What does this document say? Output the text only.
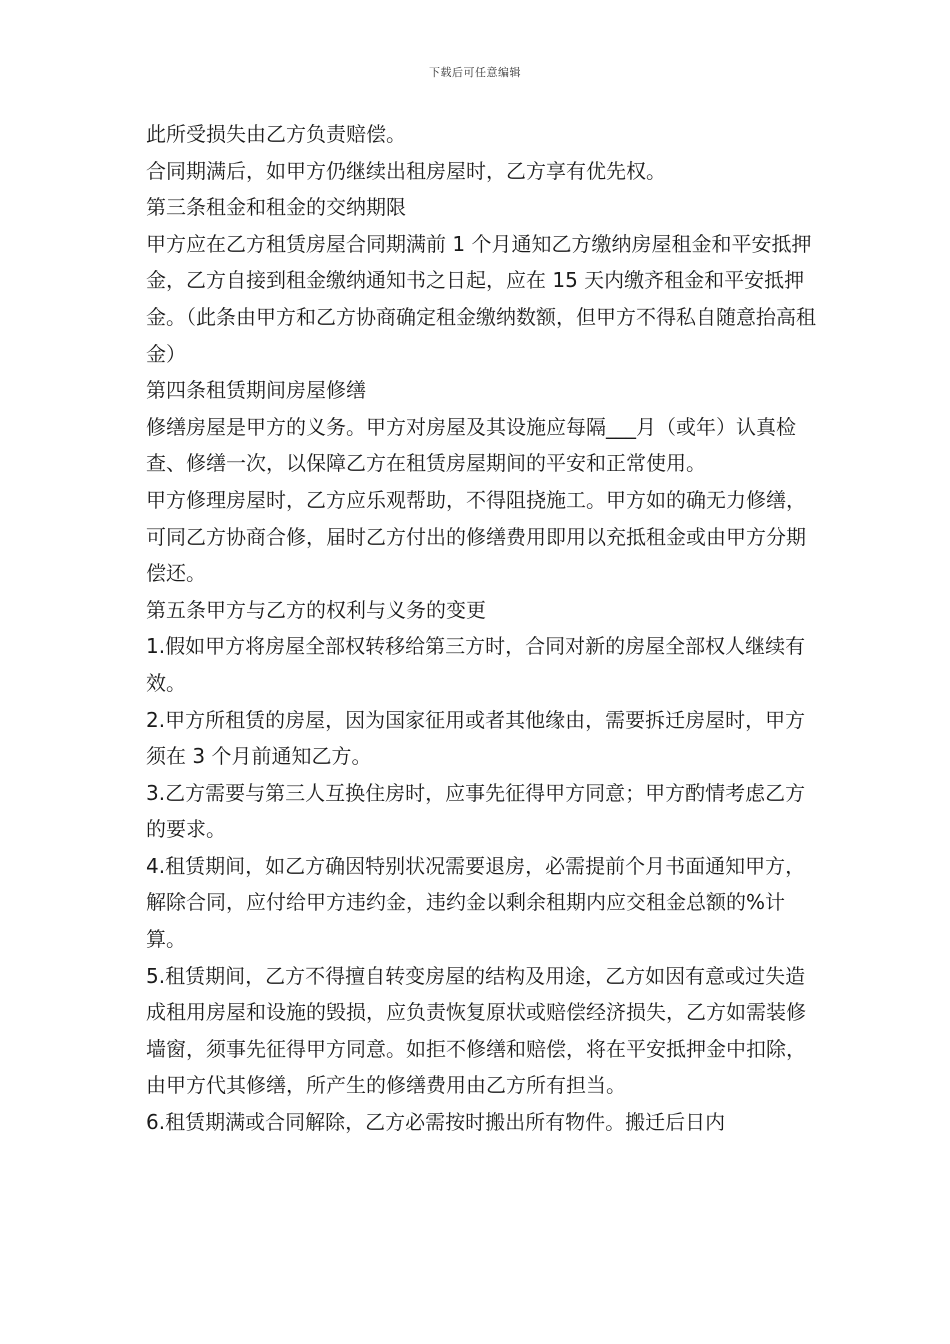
下载后可任意编辑

此所受损失由乙方负责赔偿。

合同期满后，如甲方仍继续出租房屋时，乙方享有优先权。

第三条租金和租金的交纳期限

甲方应在乙方租赁房屋合同期满前 1 个月通知乙方缴纳房屋租金和平安抵押金，乙方自接到租金缴纳通知书之日起，应在 15 天内缴齐租金和平安抵押金。（此条由甲方和乙方协商确定租金缴纳数额，但甲方不得私自随意抬高租金）

第四条租赁期间房屋修缮

修缮房屋是甲方的义务。甲方对房屋及其设施应每隔___月（或年）认真检查、修缮一次，以保障乙方在租赁房屋期间的平安和正常使用。

甲方修理房屋时，乙方应乐观帮助，不得阻挠施工。甲方如的确无力修缮，可同乙方协商合修，届时乙方付出的修缮费用即用以充抵租金或由甲方分期偿还。

第五条甲方与乙方的权利与义务的变更

1.假如甲方将房屋全部权转移给第三方时，合同对新的房屋全部权人继续有效。

2.甲方所租赁的房屋，因为国家征用或者其他缘由，需要拆迁房屋时，甲方须在 3 个月前通知乙方。

3.乙方需要与第三人互换住房时，应事先征得甲方同意；甲方酌情考虑乙方的要求。

4.租赁期间，如乙方确因特别状况需要退房，必需提前个月书面通知甲方，解除合同，应付给甲方违约金，违约金以剩余租期内应交租金总额的%计算。

5.租赁期间，乙方不得擅自转变房屋的结构及用途，乙方如因有意或过失造成租用房屋和设施的毁损，应负责恢复原状或赔偿经济损失，乙方如需装修墙窗，须事先征得甲方同意。如拒不修缮和赔偿，将在平安抵押金中扣除，由甲方代其修缮，所产生的修缮费用由乙方所有担当。

6.租赁期满或合同解除，乙方必需按时搬出所有物件。搬迁后日内
